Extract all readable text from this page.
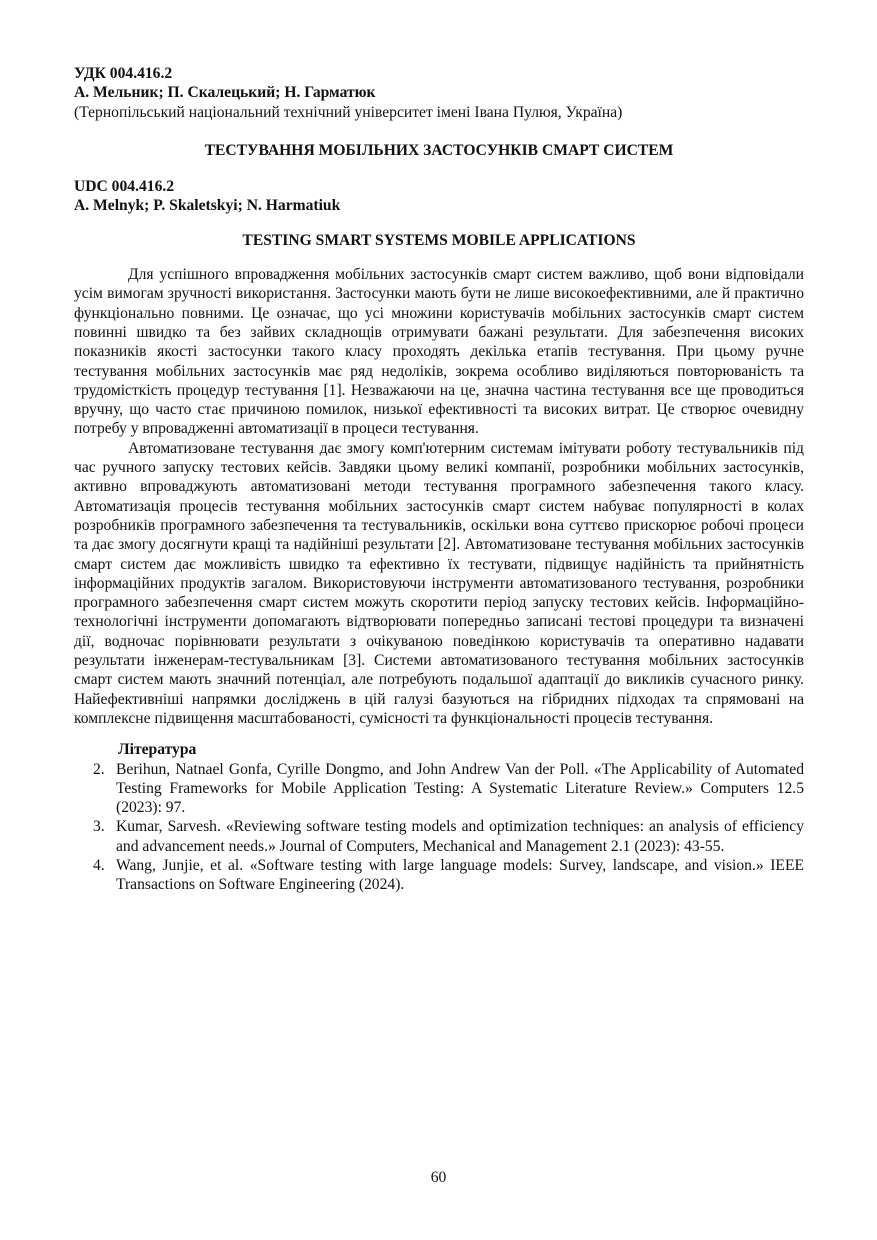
УДК 004.416.2
А. Мельник; П. Скалецький; Н. Гарматюк
(Тернопільський національний технічний університет імені Івана Пулюя, Україна)
ТЕСТУВАННЯ МОБІЛЬНИХ ЗАСТОСУНКІВ СМАРТ СИСТЕМ
UDC 004.416.2
A. Melnyk; P. Skaletskyi; N. Harmatiuk
TESTING SMART SYSTEMS MOBILE APPLICATIONS

Для успішного впровадження мобільних застосунків смарт систем важливо, щоб вони відповідали усім вимогам зручності використання. Застосунки мають бути не лише високоефективними, але й практично функціонально повними. Це означає, що усі множини користувачів мобільних застосунків смарт систем повинні швидко та без зайвих складнощів отримувати бажані результати. Для забезпечення високих показників якості застосунки такого класу проходять декілька етапів тестування. При цьому ручне тестування мобільних застосунків має ряд недоліків, зокрема особливо виділяються повторюваність та трудомісткість процедур тестування [1]. Незважаючи на це, значна частина тестування все ще проводиться вручну, що часто стає причиною помилок, низької ефективності та високих витрат. Це створює очевидну потребу у впровадженні автоматизації в процеси тестування.

Автоматизоване тестування дає змогу комп'ютерним системам імітувати роботу тестувальників під час ручного запуску тестових кейсів. Завдяки цьому великі компанії, розробники мобільних застосунків, активно впроваджують автоматизовані методи тестування програмного забезпечення такого класу. Автоматизація процесів тестування мобільних застосунків смарт систем набуває популярності в колах розробників програмного забезпечення та тестувальників, оскільки вона суттєво прискорює робочі процеси та дає змогу досягнути кращі та надійніші результати [2]. Автоматизоване тестування мобільних застосунків смарт систем дає можливість швидко та ефективно їх тестувати, підвищує надійність та прийнятність інформаційних продуктів загалом. Використовуючи інструменти автоматизованого тестування, розробники програмного забезпечення смарт систем можуть скоротити період запуску тестових кейсів. Інформаційно-технологічні інструменти допомагають відтворювати попередньо записані тестові процедури та визначені дії, водночас порівнювати результати з очікуваною поведінкою користувачів та оперативно надавати результати інженерам-тестувальникам [3]. Системи автоматизованого тестування мобільних застосунків смарт систем мають значний потенціал, але потребують подальшої адаптації до викликів сучасного ринку. Найефективніші напрямки досліджень в цій галузі базуються на гібридних підходах та спрямовані на комплексне підвищення масштабованості, сумісності та функціональності процесів тестування.

Література
2. Berihun, Natnael Gonfa, Cyrille Dongmo, and John Andrew Van der Poll. «The Applicability of Automated Testing Frameworks for Mobile Application Testing: A Systematic Literature Review.» Computers 12.5 (2023): 97.
3. Kumar, Sarvesh. «Reviewing software testing models and optimization techniques: an analysis of efficiency and advancement needs.» Journal of Computers, Mechanical and Management 2.1 (2023): 43-55.
4. Wang, Junjie, et al. «Software testing with large language models: Survey, landscape, and vision.» IEEE Transactions on Software Engineering (2024).
60
